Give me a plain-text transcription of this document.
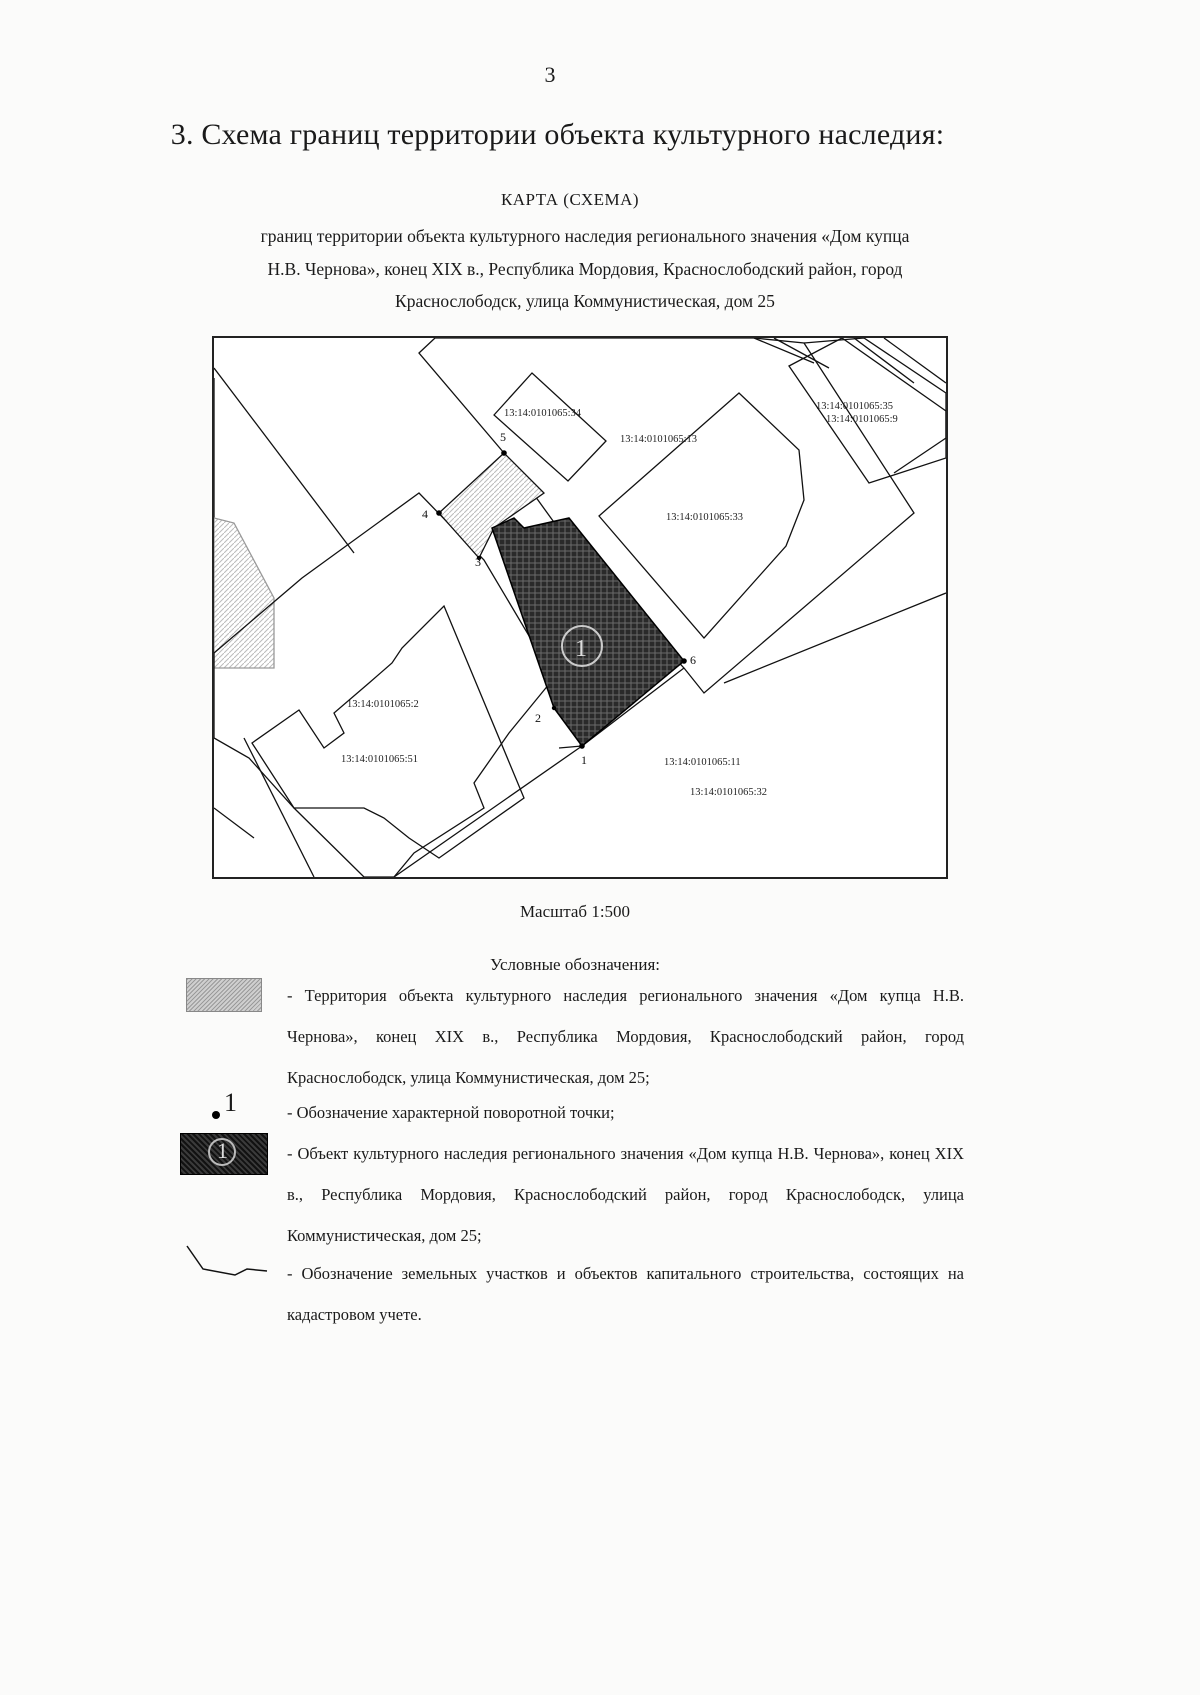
3
3. Схема границ территории объекта культурного наследия:
КАРТА (СХЕМА)
границ территории объекта культурного наследия регионального значения «Дом купца
Н.В. Чернова», конец XIX в., Республика Мордовия, Краснослободский район, город
Краснослободск, улица Коммунистическая, дом 25
1
1
2
3
4
5
6
13:14:0101065:34
13:14:0101065:13
13:14:0101065:35
13:14:0101065:9
13:14:0101065:33
13:14:0101065:2
13:14:0101065:51	13:14:0101065:11
13:14:0101065:32
Масштаб 1:500
Условные обозначения:
1
1
- Территория объекта культурного наследия регионального значения «Дом купца Н.В. Чернова», конец XIX в., Республика Мордовия, Краснослободский район, город Краснослободск, улица Коммунистическая, дом 25;
- Обозначение характерной поворотной точки;
- Объект культурного наследия регионального значения «Дом купца Н.В. Чернова», конец XIX в., Республика Мордовия, Краснослободский район, город Краснослободск, улица Коммунистическая, дом 25;
- Обозначение земельных участков и объектов капитального строительства, состоящих на кадастровом учете.
